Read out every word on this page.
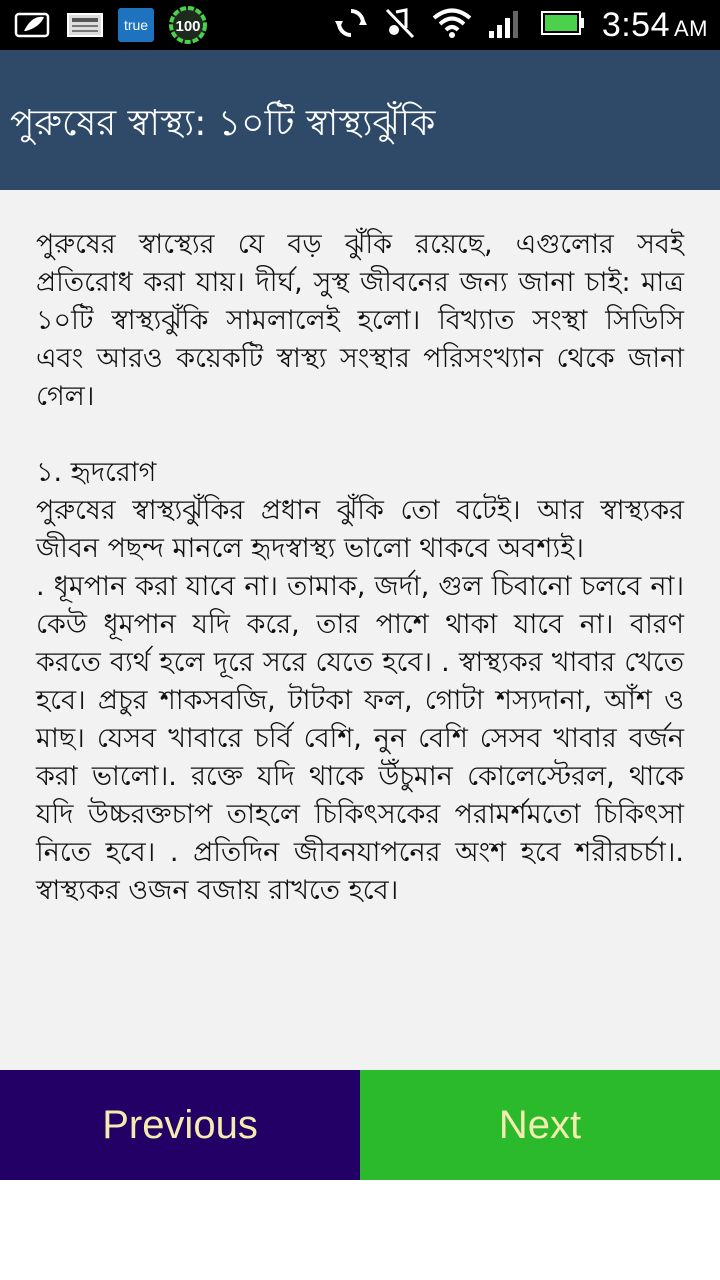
true	100	3:54 AM
পুরুষের স্বাস্থ্য: ১০টি স্বাস্থ্যঝুঁকি

পুরুষের স্বাস্থ্যের যে বড় ঝুঁকি রয়েছে, এগুলোর সবই প্রতিরোধ করা যায়। দীর্ঘ, সুস্থ জীবনের জন্য জানা চাই: মাত্র ১০টি স্বাস্থ্যঝুঁকি সামলালেই হলো। বিখ্যাত সংস্থা সিডিসি এবং আরও কয়েকটি স্বাস্থ্য সংস্থার পরিসংখ্যান থেকে জানা গেল।

১. হৃদরোগ

পুরুষের স্বাস্থ্যঝুঁকির প্রধান ঝুঁকি তো বটেই। আর স্বাস্থ্যকর জীবন পছন্দ মানলে হৃদস্বাস্থ্য ভালো থাকবে অবশ্যই।

. ধূমপান করা যাবে না। তামাক, জর্দা, গুল চিবানো চলবে না। কেউ ধূমপান যদি করে, তার পাশে থাকা যাবে না। বারণ করতে ব্যর্থ হলে দূরে সরে যেতে হবে। . স্বাস্থ্যকর খাবার খেতে হবে। প্রচুর শাকসবজি, টাটকা ফল, গোটা শস্যদানা, আঁশ ও মাছ। যেসব খাবারে চর্বি বেশি, নুন বেশি সেসব খাবার বর্জন করা ভালো।. রক্তে যদি থাকে উঁচুমান কোলেস্টেরল, থাকে যদি উচ্চরক্তচাপ তাহলে চিকিৎসকের পরামর্শমতো চিকিৎসা নিতে হবে। . প্রতিদিন জীবনযাপনের অংশ হবে শরীরচর্চা।. স্বাস্থ্যকর ওজন বজায় রাখতে হবে।

Previous	Next
